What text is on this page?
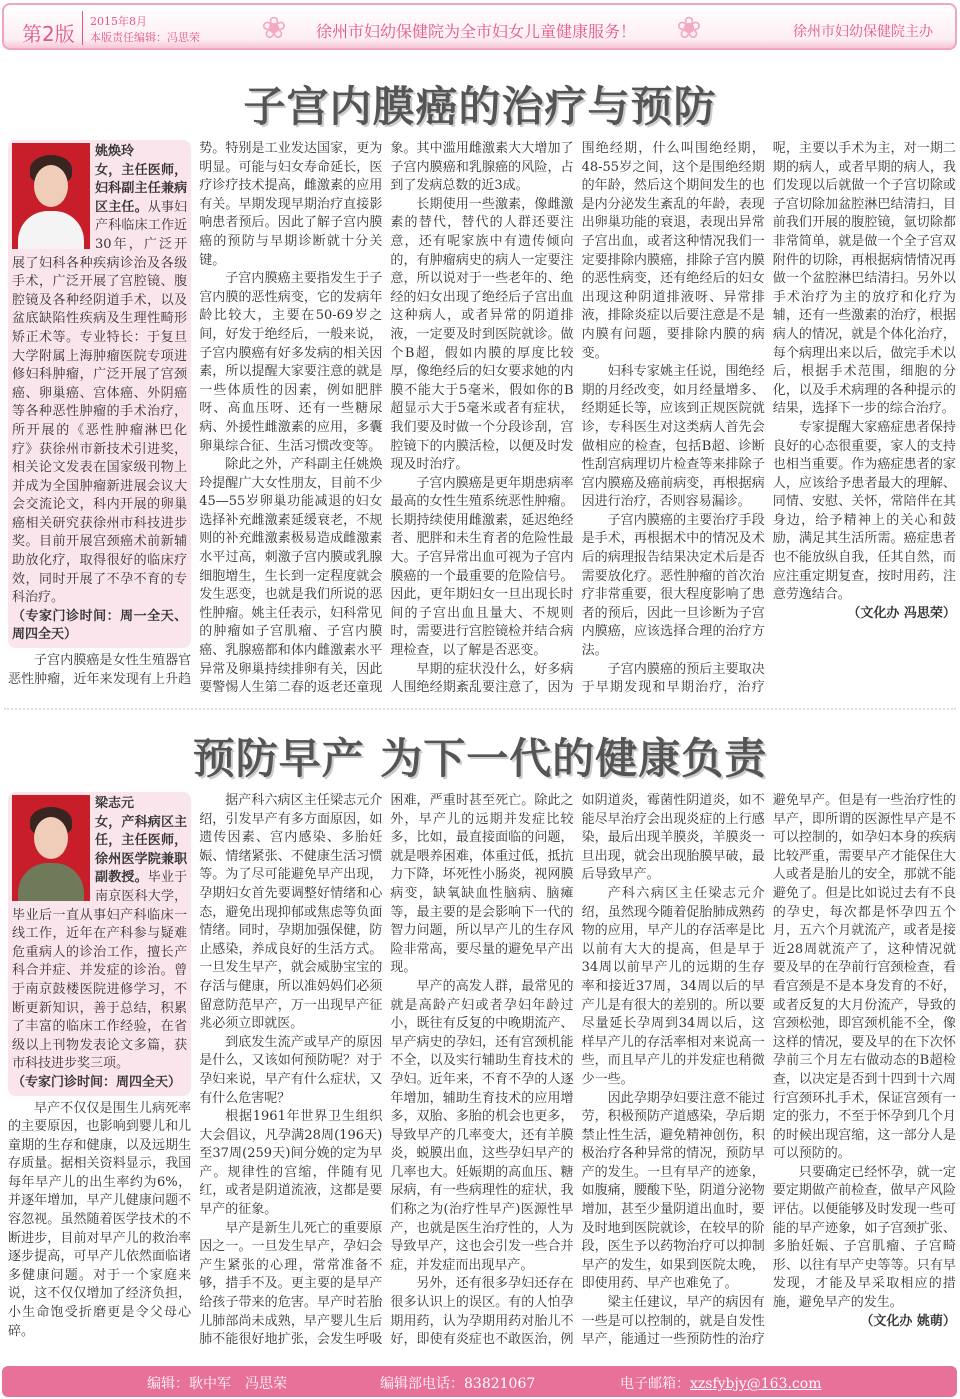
第2版
2015年8月
本版责任编辑：冯思荣 ❀	徐州市妇幼保健院为全市妇女儿童健康服务！ ❀	徐州市妇幼保健院主办
子宫内膜癌的治疗与预防
姚焕玲
女，主任医师，妇科副主任兼病区主任。从事妇产科临床工作近30年，广泛开展了妇科各种疾病诊治及各级手术，广泛开展了宫腔镜、腹腔镜及各种经阴道手术，以及盆底缺陷性疾病及生理性畸形矫正术等。专业特长：于复旦大学附属上海肿瘤医院专项进修妇科肿瘤，广泛开展了宫颈癌、卵巢癌、宫体癌、外阴癌等各种恶性肿瘤的手术治疗，所开展的《恶性肿瘤淋巴化疗》获徐州市新技术引进奖，相关论文发表在国家级刊物上并成为全国肿瘤新进展会议大会交流论文，科内开展的卵巢癌相关研究获徐州市科技进步奖。目前开展宫颈癌术前新辅助放化疗，取得很好的临床疗效，同时开展了不孕不育的专科治疗。
（专家门诊时间：周一全天、周四全天）

子宫内膜癌是女性生殖器官恶性肿瘤，近年来发现有上升趋势。特别是工业发达国家，更为明显。可能与妇女寿命延长，医疗诊疗技术提高，雌激素的应用有关。早期发现早期治疗直接影响患者预后。因此了解子宫内膜癌的预防与早期诊断就十分关键。

子宫内膜癌主要指发生于子宫内膜的恶性病变，它的发病年龄比较大，主要在50-69岁之间，好发于绝经后，一般来说，子宫内膜癌有好多发病的相关因素，所以提醒大家要注意的就是一些体质性的因素，例如肥胖呀、高血压呀、还有一些糖尿病、外援性雌激素的应用，多囊卵巢综合征、生活习惯改变等。

除此之外，产科副主任姚焕玲提醒广大女性朋友，目前不少45—55岁卵巢功能减退的妇女选择补充雌激素延缓衰老，不规则的补充雌激素极易造成雌激素水平过高，刺激子宫内膜或乳腺细胞增生，生长到一定程度就会发生恶变，也就是我们所说的恶性肿瘤。姚主任表示，妇科常见的肿瘤如子宫肌瘤、子宫内膜癌、乳腺癌都和体内雌激素水平异常及卵巢持续排卵有关，因此要警惕人生第二春的返老还童现象。其中滥用雌激素大大增加了子宫内膜癌和乳腺癌的风险，占到了发病总数的近3成。

长期使用一些激素，像雌激素的替代，替代的人群还要注意，还有呢家族中有遗传倾向的，有肿瘤病史的病人一定要注意，所以说对于一些老年的、绝经的妇女出现了绝经后子宫出血这种病人，或者异常的阴道排液，一定要及时到医院就诊。做个B超，假如内膜的厚度比较厚，像绝经后的妇女要求她的内膜不能大于5毫米，假如你的B超显示大于5毫米或者有症状，我们要及时做一个分段诊刮，宫腔镜下的内膜活检，以便及时发现及时治疗。

子宫内膜癌是更年期患病率最高的女性生殖系统恶性肿瘤。长期持续使用雌激素，延迟绝经者、肥胖和未生育者的危险性最大。子宫异常出血可视为子宫内膜癌的一个最重要的危险信号。因此，更年期妇女一旦出现长时间的子宫出血且量大、不规则时，需要进行宫腔镜检并结合病理检查，以了解是否恶变。

早期的症状没什么，好多病人围绝经期紊乱要注意了，因为围绝经期，什么叫围绝经期，48-55岁之间，这个是围绝经期的年龄，然后这个期间发生的也是内分泌发生紊乱的年龄，表现出卵巢功能的衰退，表现出异常子宫出血，或者这种情况我们一定要排除内膜癌，排除子宫内膜的恶性病变，还有绝经后的妇女出现这种阴道排液呀、异常排液，排除炎症以后要注意是不是内膜有问题，要排除内膜的病变。

妇科专家姚主任说，围绝经期的月经改变，如月经量增多、经期延长等，应该到正规医院就诊，专科医生对这类病人首先会做相应的检查，包括B超、诊断性刮宫病理切片检查等来排除子宫内膜癌及癌前病变，再根据病因进行治疗，否则容易漏诊。

子宫内膜癌的主要治疗手段是手术，再根据术中的情况及术后的病理报告结果决定术后是否需要放化疗。恶性肿瘤的首次治疗非常重要，很大程度影响了患者的预后，因此一旦诊断为子宫内膜癌，应该选择合理的治疗方法。

子宫内膜癌的预后主要取决于早期发现和早期治疗，治疗呢，主要以手术为主，对一期二期的病人，或者早期的病人，我们发现以后就做一个子宫切除或子宫切除加盆腔淋巴结清扫，目前我们开展的腹腔镜，氩切除都非常简单，就是做一个全子宫双附件的切除，再根据病情情况再做一个盆腔淋巴结清扫。另外以手术治疗为主的放疗和化疗为辅，还有一些激素的治疗，根据病人的情况，就是个体化治疗，每个病理出来以后，做完手术以后，根据手术范围，细胞的分化，以及手术病理的各种提示的结果，选择下一步的综合治疗。

专家提醒大家癌症患者保持良好的心态很重要，家人的支持也相当重要。作为癌症患者的家人，应该给予患者最大的理解、同情、安慰、关怀，常陪伴在其身边，给予精神上的关心和鼓励，满足其生活所需。癌症患者也不能放纵自我，任其自然，而应注重定期复查，按时用药，注意劳逸结合。

（文化办 冯思荣）

预防早产 为下一代的健康负责
梁志元
女，产科病区主任，主任医师，徐州医学院兼职副教授。毕业于南京医科大学，毕业后一直从事妇产科临床一线工作，近年在产科参与疑难危重病人的诊治工作，擅长产科合并症、并发症的诊治。曾于南京鼓楼医院进修学习，不断更新知识，善于总结，积累了丰富的临床工作经验，在省级以上刊物发表论文多篇，获市科技进步奖三项。
（专家门诊时间：周四全天）

早产不仅仅是围生儿病死率的主要原因，也影响到婴儿和儿童期的生存和健康，以及远期生存质量。据相关资料显示，我国每年早产儿的出生率约为6%，并逐年增加，早产儿健康问题不容忽视。虽然随着医学技术的不断进步，目前对早产儿的救治率逐步提高，可早产儿依然面临诸多健康问题。对于一个家庭来说，这不仅仅增加了经济负担，小生命饱受折磨更是令父母心碎。

据产科六病区主任梁志元介绍，引发早产有多方面原因，如遗传因素、宫内感染、多胎妊娠、情绪紧张、不健康生活习惯等。为了尽可能避免早产出现，孕期妇女首先要调整好情绪和心态，避免出现抑郁或焦虑等负面情绪。同时，孕期加强保健，防止感染，养成良好的生活方式。一旦发生早产，就会威胁宝宝的存活与健康，所以准妈妈们必须留意防范早产，万一出现早产征兆必须立即就医。

到底发生流产或早产的原因是什么，又该如何预防呢？对于孕妇来说，早产有什么症状，又有什么危害呢？

根据1961年世界卫生组织大会倡议，凡孕满28周(196天)至37周(259天)间分娩的定为早产。规律性的宫缩，伴随有见红，或者是阴道流液，这都是要早产的征象。

早产是新生儿死亡的重要原因之一。一旦发生早产，孕妇会产生紧张的心理，常常准备不够，措手不及。更主要的是早产给孩子带来的危害。早产时若胎儿肺部尚未成熟，早产婴儿生后肺不能很好地扩张，会发生呼吸困难，严重时甚至死亡。除此之外，早产儿的远期并发症比较多，比如，最直接面临的问题，就是喂养困难，体重过低，抵抗力下降，坏死性小肠炎，视网膜病变，缺氧缺血性脑病、脑瘫等，最主要的是会影响下一代的智力问题，所以早产儿的生存风险非常高，要尽量的避免早产出现。

早产的高发人群，最常见的就是高龄产妇或者孕妇年龄过小，既往有反复的中晚期流产、早产病史的孕妇，还有宫颈机能不全，以及实行辅助生育技术的孕妇。近年来，不育不孕的人逐年增加，辅助生育技术的应用增多，双胎、多胎的机会也更多，导致早产的几率变大，还有羊膜炎，蜕膜出血，这些孕妇早产的几率也大。妊娠期的高血压、糖尿病，有一些病理性的症状，我们称之为(治疗性早产)医源性早产，也就是医生治疗性的，人为导致早产，这也会引发一些合并症，并发症而出现早产。

另外，还有很多孕妇还存在很多认识上的误区。有的人怕孕期用药，认为孕期用药对胎儿不好，即使有炎症也不敢医治，例如阴道炎，霉菌性阴道炎，如不能尽早治疗会出现炎症的上行感染，最后出现羊膜炎，羊膜炎一旦出现，就会出现胎膜早破，最后导致早产。

产科六病区主任梁志元介绍，虽然现今随着促胎肺成熟药物的应用，早产儿的存活率是比以前有大大的提高，但是早于34周以前早产儿的远期的生存率和接近37周，34周以后的早产儿是有很大的差别的。所以要尽量延长孕周到34周以后，这样早产儿的存活率相对来说高一些，而且早产儿的并发症也稍微少一些。

因此孕期孕妇要注意不能过劳，积极预防产道感染，孕后期禁止性生活，避免精神创伤，积极治疗各种异常的情况，预防早产的发生。一旦有早产的迹象，如腹痛，腰酸下坠，阴道分泌物增加，甚至少量阴道出血时，要及时地到医院就诊，在较早的阶段，医生予以药物治疗可以抑制早产的发生，如果到医院太晚，即使用药、早产也难免了。

梁主任建议，早产的病因有一些是可以控制的，就是自发性早产，能通过一些预防性的治疗避免早产。但是有一些治疗性的早产，即所谓的医源性早产是不可以控制的，如孕妇本身的疾病比较严重，需要早产才能保住大人或者是胎儿的安全，那就不能避免了。但是比如说过去有不良的孕史，每次都是怀孕四五个月，五六个月就流产，或者是接近28周就流产了，这种情况就要及早的在孕前行宫颈检查，看看宫颈是不是本身发育的不好，或者反复的大月份流产，导致的宫颈松弛，即宫颈机能不全，像这样的情况，要及早的在下次怀孕前三个月左右做动态的B超检查，以决定是否到十四到十六周行宫颈环扎手术，保证宫颈有一定的张力，不至于怀孕到几个月的时候出现宫缩，这一部分人是可以预防的。

只要确定已经怀孕，就一定要定期做产前检查，做早产风险评估。以便能够及时发现一些可能的早产迹象，如子宫颈扩张、多胎妊娠、子宫肌瘤、子宫畸形、以往有早产史等等。只有早发现，才能及早采取相应的措施，避免早产的发生。

（文化办 姚萌）

编辑：耿中军　冯思荣	编辑部电话：83821067	电子邮箱：xzsfybjy@163.com
